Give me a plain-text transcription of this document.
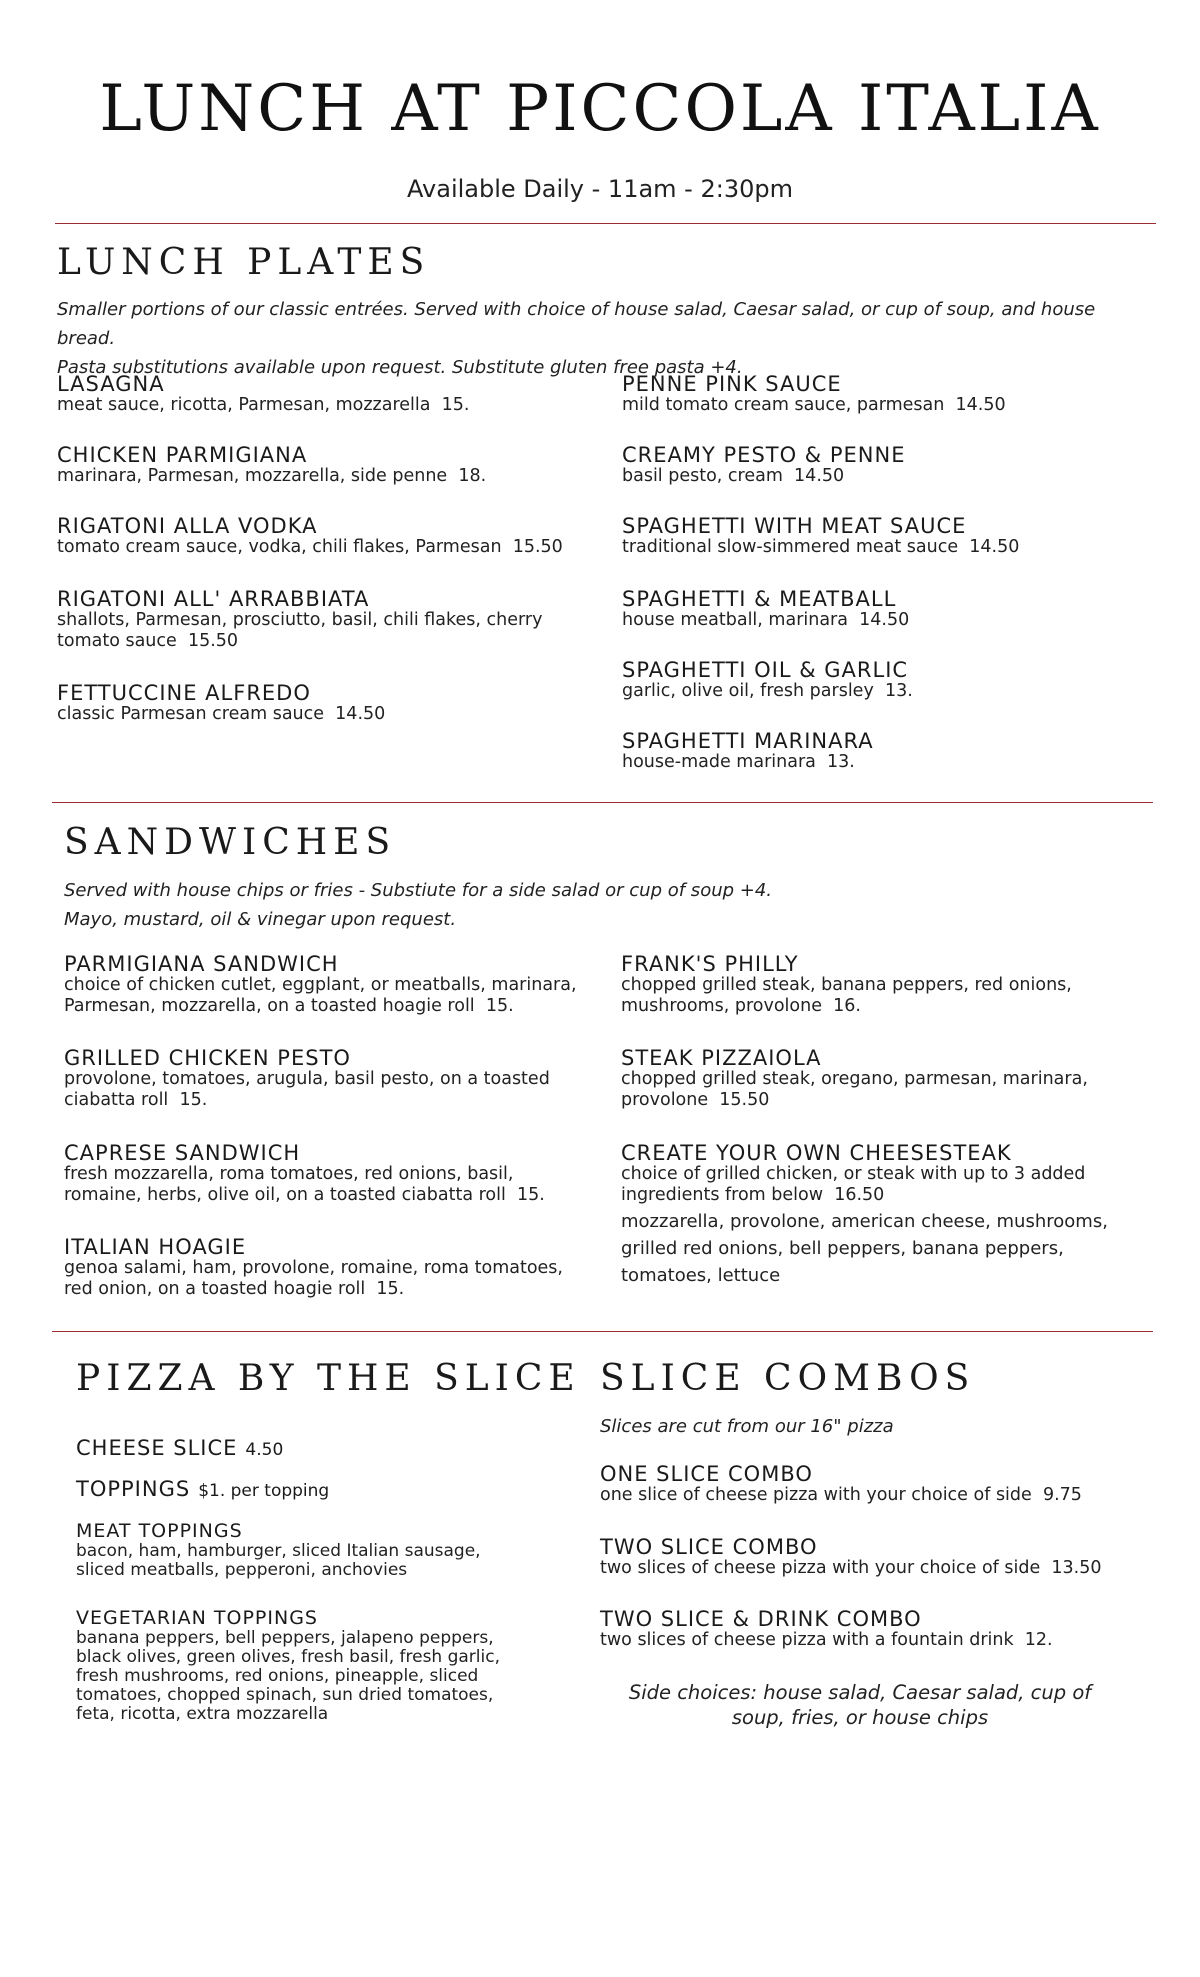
LUNCH AT PICCOLA ITALIA
Available Daily - 11am - 2:30pm
LUNCH PLATES
Smaller portions of our classic entrées. Served with choice of house salad, Caesar salad, or cup of soup, and house bread.
Pasta substitutions available upon request. Substitute gluten free pasta +4.
LASAGNA
meat sauce, ricotta, Parmesan, mozzarella 15.
CHICKEN PARMIGIANA
marinara, Parmesan, mozzarella, side penne 18.
RIGATONI ALLA VODKA
tomato cream sauce, vodka, chili flakes, Parmesan 15.50
RIGATONI ALL' ARRABBIATA
shallots, Parmesan, prosciutto, basil, chili flakes, cherry tomato sauce 15.50
FETTUCCINE ALFREDO
classic Parmesan cream sauce 14.50
PENNE PINK SAUCE
mild tomato cream sauce, parmesan 14.50
CREAMY PESTO & PENNE
basil pesto, cream 14.50
SPAGHETTI WITH MEAT SAUCE
traditional slow-simmered meat sauce 14.50
SPAGHETTI & MEATBALL
house meatball, marinara 14.50
SPAGHETTI OIL & GARLIC
garlic, olive oil, fresh parsley 13.
SPAGHETTI MARINARA
house-made marinara 13.
SANDWICHES
Served with house chips or fries - Substiute for a side salad or cup of soup +4.
Mayo, mustard, oil & vinegar upon request.
PARMIGIANA SANDWICH
choice of chicken cutlet, eggplant, or meatballs, marinara, Parmesan, mozzarella, on a toasted hoagie roll 15.
GRILLED CHICKEN PESTO
provolone, tomatoes, arugula, basil pesto, on a toasted ciabatta roll 15.
CAPRESE SANDWICH
fresh mozzarella, roma tomatoes, red onions, basil, romaine, herbs, olive oil, on a toasted ciabatta roll 15.
ITALIAN HOAGIE
genoa salami, ham, provolone, romaine, roma tomatoes, red onion, on a toasted hoagie roll 15.
FRANK'S PHILLY
chopped grilled steak, banana peppers, red onions, mushrooms, provolone 16.
STEAK PIZZAIOLA
chopped grilled steak, oregano, parmesan, marinara, provolone 15.50
CREATE YOUR OWN CHEESESTEAK
choice of grilled chicken, or steak with up to 3 added ingredients from below 16.50
mozzarella, provolone, american cheese, mushrooms, grilled red onions, bell peppers, banana peppers, tomatoes, lettuce
PIZZA BY THE SLICE
CHEESE SLICE 4.50
TOPPINGS $1. per topping
MEAT TOPPINGS
bacon, ham, hamburger, sliced Italian sausage, sliced meatballs, pepperoni, anchovies
VEGETARIAN TOPPINGS
banana peppers, bell peppers, jalapeno peppers, black olives, green olives, fresh basil, fresh garlic, fresh mushrooms, red onions, pineapple, sliced tomatoes, chopped spinach, sun dried tomatoes, feta, ricotta, extra mozzarella
SLICE COMBOS
Slices are cut from our 16" pizza
ONE SLICE COMBO
one slice of cheese pizza with your choice of side 9.75
TWO SLICE COMBO
two slices of cheese pizza with your choice of side 13.50
TWO SLICE & DRINK COMBO
two slices of cheese pizza with a fountain drink 12.
Side choices: house salad, Caesar salad, cup of soup, fries, or house chips
